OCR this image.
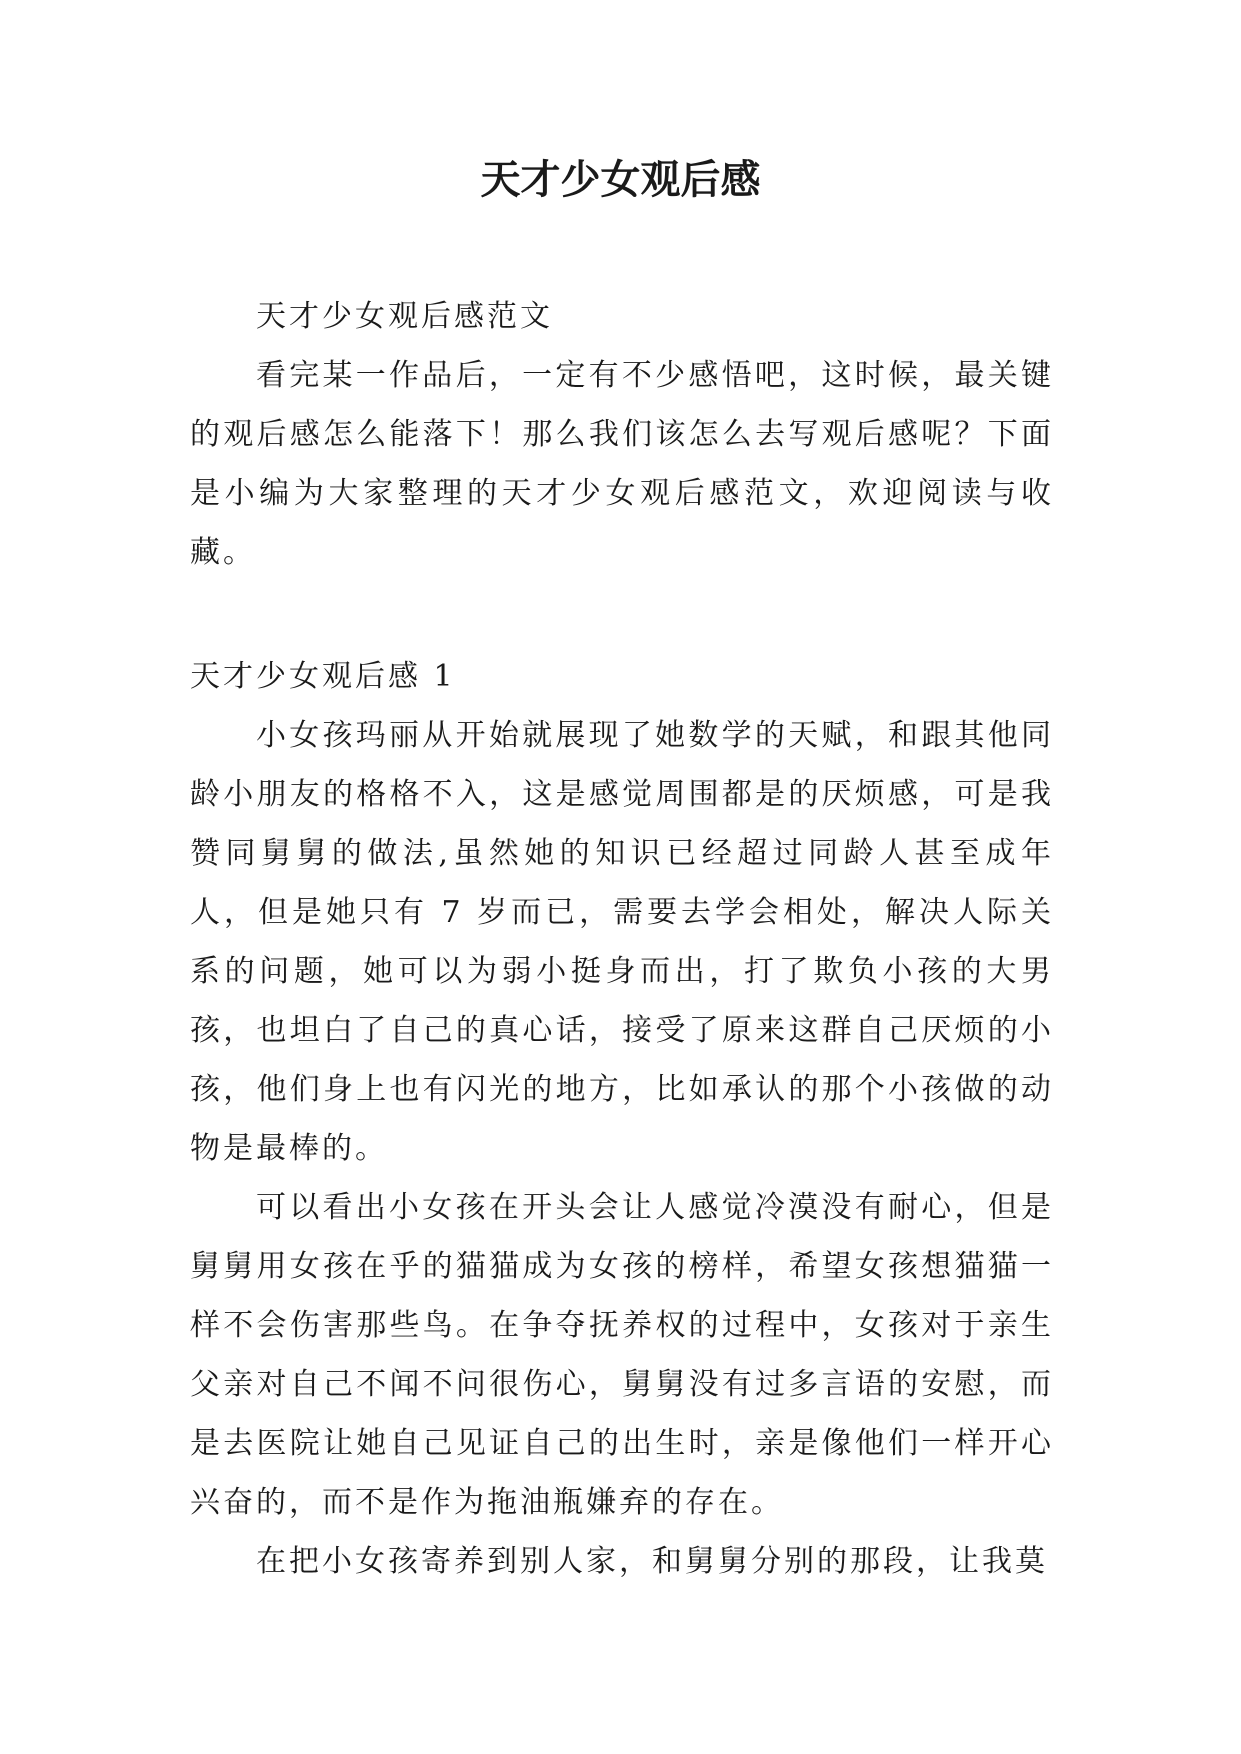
天才少女观后感

天才少女观后感范文

看完某一作品后，一定有不少感悟吧，这时候，最关键的观后感怎么能落下！那么我们该怎么去写观后感呢？下面是小编为大家整理的天才少女观后感范文，欢迎阅读与收藏。

天才少女观后感 1

小女孩玛丽从开始就展现了她数学的天赋，和跟其他同龄小朋友的格格不入，这是感觉周围都是的厌烦感，可是我赞同舅舅的做法,虽然她的知识已经超过同龄人甚至成年人，但是她只有 7 岁而已，需要去学会相处，解决人际关系的问题，她可以为弱小挺身而出，打了欺负小孩的大男孩，也坦白了自己的真心话，接受了原来这群自己厌烦的小孩，他们身上也有闪光的地方，比如承认的那个小孩做的动物是最棒的。

可以看出小女孩在开头会让人感觉冷漠没有耐心，但是舅舅用女孩在乎的猫猫成为女孩的榜样，希望女孩想猫猫一样不会伤害那些鸟。在争夺抚养权的过程中，女孩对于亲生父亲对自己不闻不问很伤心，舅舅没有过多言语的安慰，而是去医院让她自己见证自己的出生时，亲是像他们一样开心兴奋的，而不是作为拖油瓶嫌弃的存在。

在把小女孩寄养到别人家，和舅舅分别的那段，让我莫
